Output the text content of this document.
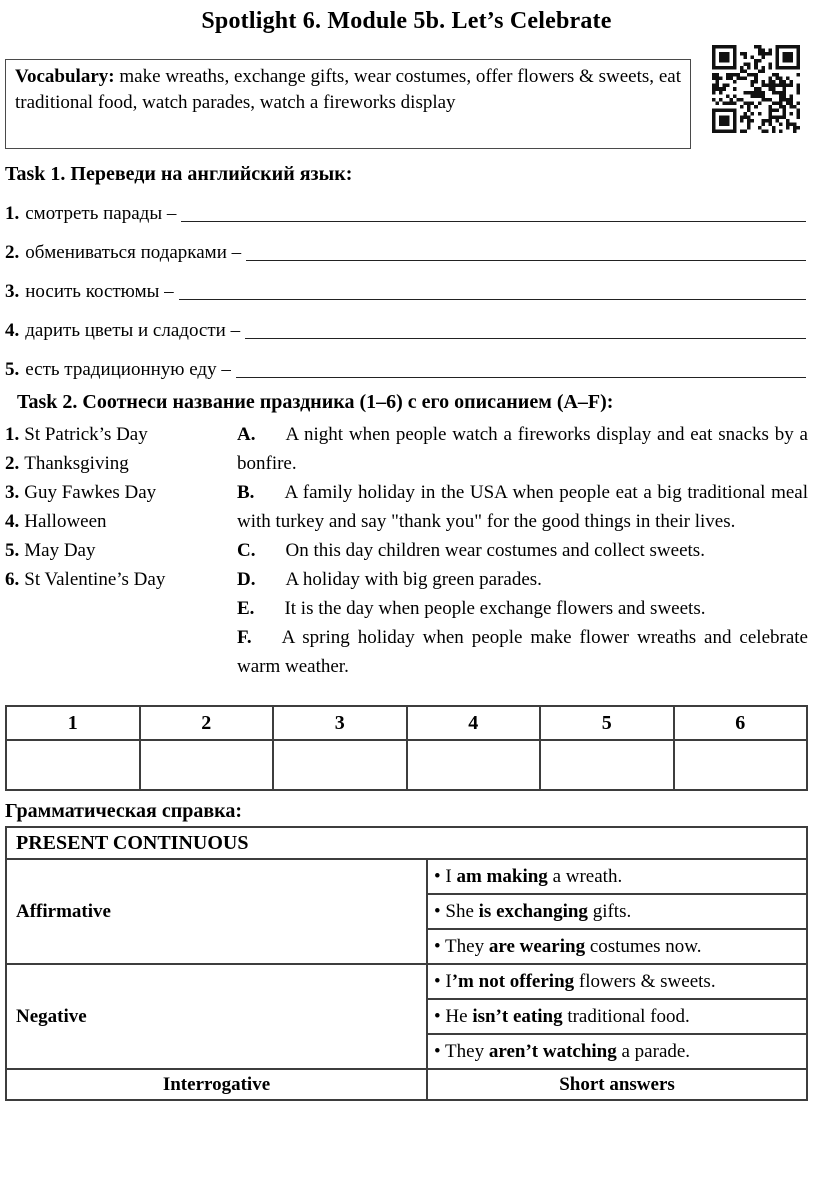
Spotlight 6. Module 5b. Let’s Celebrate
Vocabulary: make wreaths, exchange gifts, wear costumes, offer flowers & sweets, eat traditional food, watch parades, watch a fireworks display
Task 1. Переведи на английский язык:
1. смотреть парады –
2. обмениваться подарками –
3. носить костюмы –
4. дарить цветы и сладости –
5. есть традиционную еду –
Task 2. Соотнеси название праздника (1–6) с его описанием (А–F):
1. St Patrick’s Day
2. Thanksgiving
3. Guy Fawkes Day
4. Halloween
5. May Day
6. St Valentine’s Day

A. A night when people watch a fireworks display and eat snacks by a bonfire.

B. A family holiday in the USA when people eat a big traditional meal with turkey and say "thank you" for the good things in their lives.

C. On this day children wear costumes and collect sweets.

D. A holiday with big green parades.

E. It is the day when people exchange flowers and sweets.

F. A spring holiday when people make flower wreaths and celebrate warm weather.

1	2	3	4	5	6

Грамматическая справка:
PRESENT CONTINUOUS	
Affirmative	• I am making a wreath.
	• She is exchanging gifts.
	• They are wearing costumes now.
Negative	• I’m not offering flowers & sweets.
	• He isn’t eating traditional food.
	• They aren’t watching a parade.
Interrogative	Short answers
